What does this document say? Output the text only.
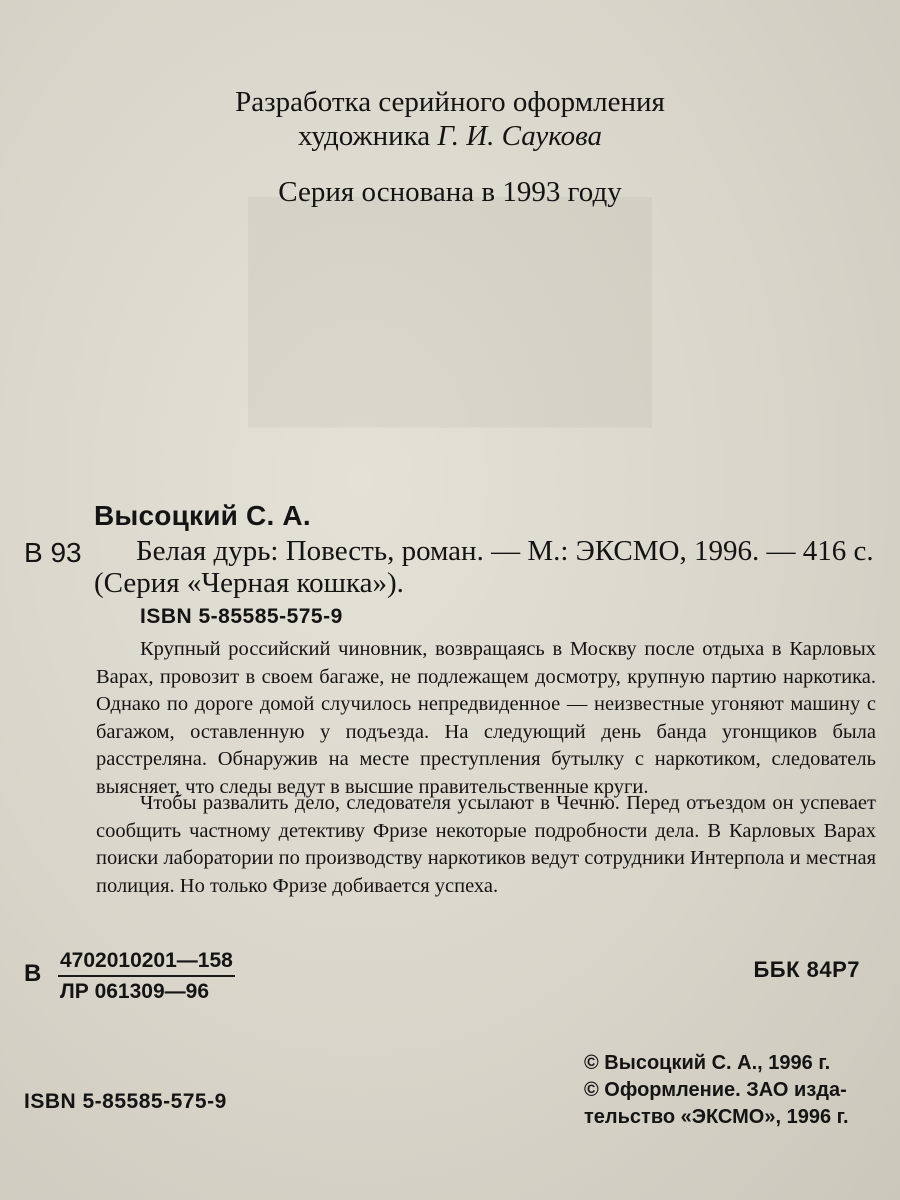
███
Разработка серийного оформления
художника Г. И. Саукова
Серия основана в 1993 году
Высоцкий С. А.
В 93 Белая дурь: Повесть, роман. — М.: ЭКСМО, 1996. — 416 с.
(Серия «Черная кошка»).
ISBN 5-85585-575-9

Крупный российский чиновник, возвращаясь в Москву после отдыха в Карловых Варах, провозит в своем багаже, не подлежащем досмотру, крупную партию наркотика. Однако по дороге домой случилось непредвиденное — неизвестные угоняют машину с багажом, оставленную у подъезда. На следующий день банда угонщиков была расстреляна. Обнаружив на месте преступления бутылку с наркотиком, следователь выясняет, что следы ведут в высшие правительственные круги.

Чтобы развалить дело, следователя усылают в Чечню. Перед отъездом он успевает сообщить частному детективу Фризе некоторые подробности дела. В Карловых Варах поиски лаборатории по производству наркотиков ведут сотрудники Интерпола и местная полиция. Но только Фризе добивается успеха.

В 4702010201—158
ЛР 061309—96
ББК 84Р7
© Высоцкий С. А., 1996 г.
© Оформление. ЗАО изда-
тельство «ЭКСМО», 1996 г.
ISBN 5-85585-575-9
